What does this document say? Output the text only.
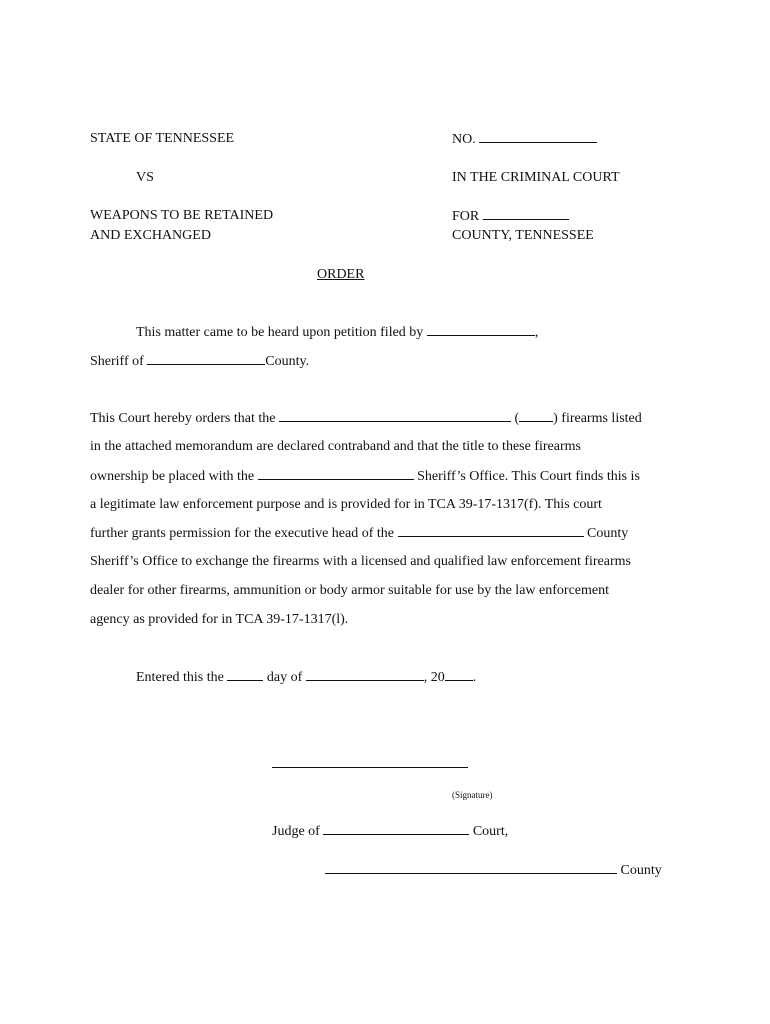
STATE OF TENNESSEE	NO.
VS	IN THE CRIMINAL COURT
WEAPONS TO BE RETAINED
AND EXCHANGED
FOR
COUNTY, TENNESSEE
ORDER
This matter came to be heard upon petition filed by	,
Sheriff of	County.
This Court hereby orders that the	( ) firearms listed
in the attached memorandum are declared contraband and that the title to these firearms
ownership be placed with the	Sheriff’s Office. This Court finds this is
a legitimate law enforcement purpose and is provided for in TCA 39-17-1317(f). This court
further grants permission for the executive head of the	County
Sheriff’s Office to exchange the firearms with a licensed and qualified law enforcement firearms
dealer for other firearms, ammunition or body armor suitable for use by the law enforcement
agency as provided for in TCA 39-17-1317(l).
Entered this the	day of	, 20 .
(Signature)
Judge of	Court,
County
